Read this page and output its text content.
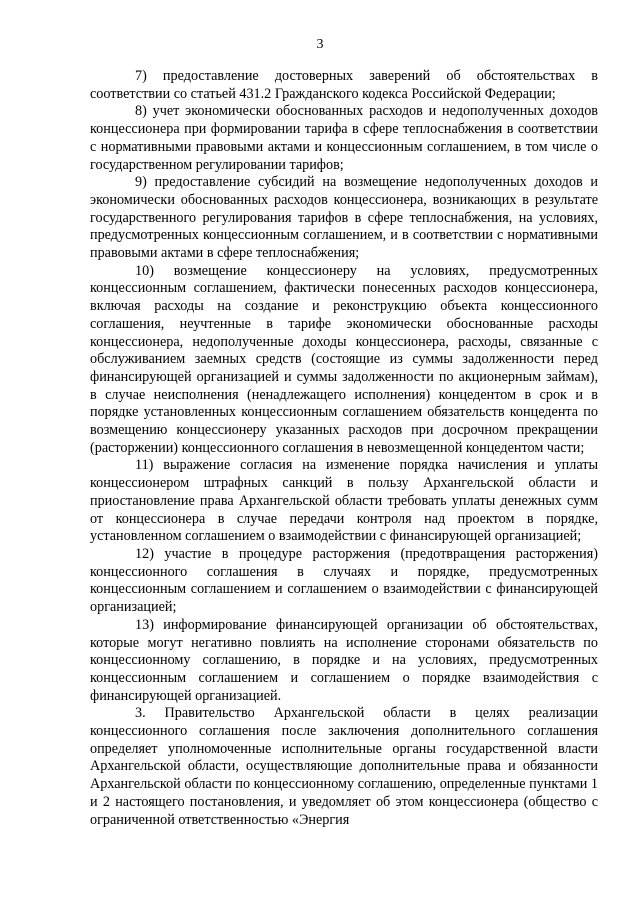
3

7) предоставление достоверных заверений об обстоятельствах в соответствии со статьей 431.2 Гражданского кодекса Российской Федерации;

8) учет экономически обоснованных расходов и недополученных доходов концессионера при формировании тарифа в сфере теплоснабжения в соответствии с нормативными правовыми актами и концессионным соглашением, в том числе о государственном регулировании тарифов;

9) предоставление субсидий на возмещение недополученных доходов и экономически обоснованных расходов концессионера, возникающих в результате государственного регулирования тарифов в сфере теплоснабжения, на условиях, предусмотренных концессионным соглашением, и в соответствии с нормативными правовыми актами в сфере теплоснабжения;

10) возмещение концессионеру на условиях, предусмотренных концессионным соглашением, фактически понесенных расходов концессионера, включая расходы на создание и реконструкцию объекта концессионного соглашения, неучтенные в тарифе экономически обоснованные расходы концессионера, недополученные доходы концессионера, расходы, связанные с обслуживанием заемных средств (состоящие из суммы задолженности перед финансирующей организацией и суммы задолженности по акционерным займам), в случае неисполнения (ненадлежащего исполнения) концедентом в срок и в порядке установленных концессионным соглашением обязательств концедента по возмещению концессионеру указанных расходов при досрочном прекращении (расторжении) концессионного соглашения в невозмещенной концедентом части;

11) выражение согласия на изменение порядка начисления и уплаты концессионером штрафных санкций в пользу Архангельской области и приостановление права Архангельской области требовать уплаты денежных сумм от концессионера в случае передачи контроля над проектом в порядке, установленном соглашением о взаимодействии с финансирующей организацией;

12) участие в процедуре расторжения (предотвращения расторжения) концессионного соглашения в случаях и порядке, предусмотренных концессионным соглашением и соглашением о взаимодействии с финансирующей организацией;

13) информирование финансирующей организации об обстоятельствах, которые могут негативно повлиять на исполнение сторонами обязательств по концессионному соглашению, в порядке и на условиях, предусмотренных концессионным соглашением и соглашением о порядке взаимодействия с финансирующей организацией.

3. Правительство Архангельской области в целях реализации концессионного соглашения после заключения дополнительного соглашения определяет уполномоченные исполнительные органы государственной власти Архангельской области, осуществляющие дополнительные права и обязанности Архангельской области по концессионному соглашению, определенные пунктами 1 и 2 настоящего постановления, и уведомляет об этом концессионера (общество с ограниченной ответственностью «Энергия
